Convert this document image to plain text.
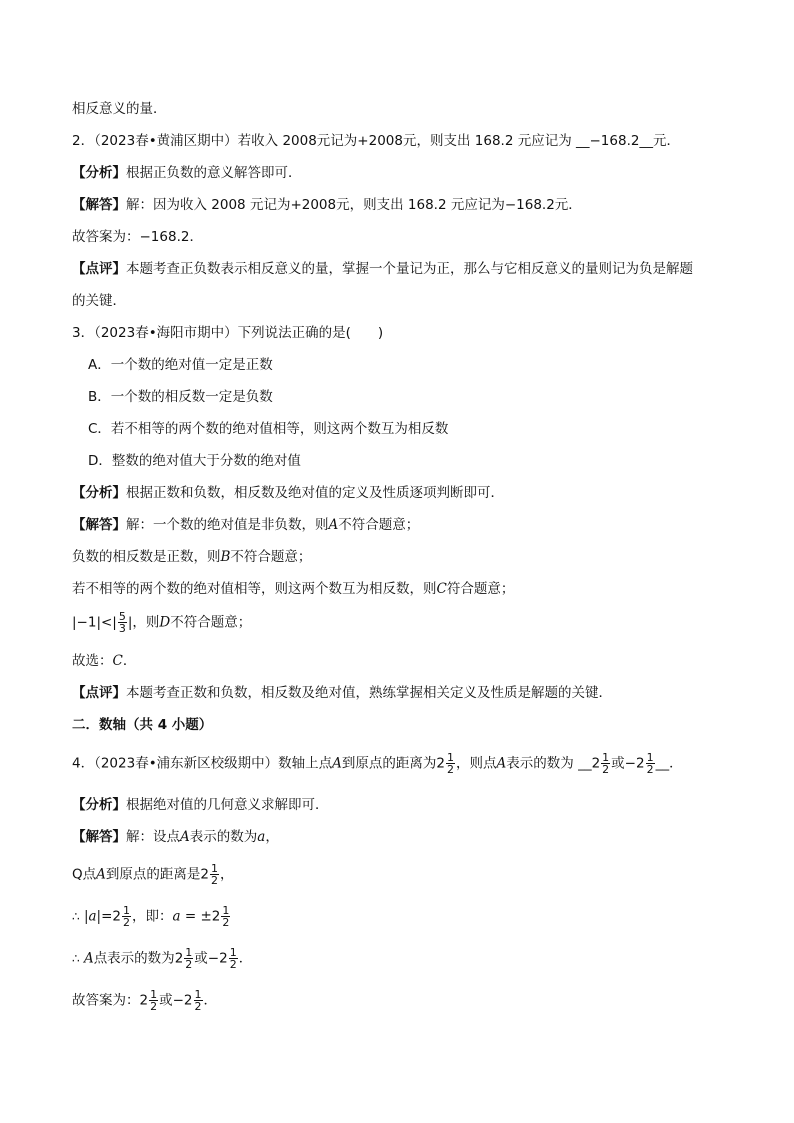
相反意义的量．
2．（2023春•黄浦区期中）若收入 2008元记为+2008元，则支出 168.2 元应记为 __−168.2__元．
【分析】根据正负数的意义解答即可．
【解答】解：因为收入 2008 元记为+2008元，则支出 168.2 元应记为−168.2元．
故答案为：−168.2．
【点评】本题考查正负数表示相反意义的量，掌握一个量记为正，那么与它相反意义的量则记为负是解题
的关键．
3．（2023春•海阳市期中）下列说法正确的是(　　)
A．一个数的绝对值一定是正数
B．一个数的相反数一定是负数
C．若不相等的两个数的绝对值相等，则这两个数互为相反数
D．整数的绝对值大于分数的绝对值
【分析】根据正数和负数，相反数及绝对值的定义及性质逐项判断即可．
【解答】解：一个数的绝对值是非负数，则A不符合题意；
负数的相反数是正数，则B不符合题意；
若不相等的两个数的绝对值相等，则这两个数互为相反数，则C符合题意；
$|-1|<| \frac{5}{3}$ |，则D不符合题意；
故选：C．
【点评】本题考查正数和负数，相反数及绝对值，熟练掌握相关定义及性质是解题的关键．
二．数轴（共 4 小题）
4．（2023春•浦东新区校级期中）数轴上点A到原点的距离为$2 \frac{1}{2}$ ，则点A表示的数为 __2 $\frac{1}{2}$ 或$-2 \frac{1}{2}$ __．
【分析】根据绝对值的几何意义求解即可．
【解答】解：设点A表示的数为a，
Q点A到原点的距离是$2 \frac{1}{2}$ ，
∴ $|a|=2 \frac{1}{2}$ ，即：$a = \pm 2 \frac{1}{2}$
∴ A点表示的数为$2 \frac{1}{2}$ 或$-2 \frac{1}{2}$ ．
故答案为：$2 \frac{1}{2}$ 或$-2 \frac{1}{2}$ ．
